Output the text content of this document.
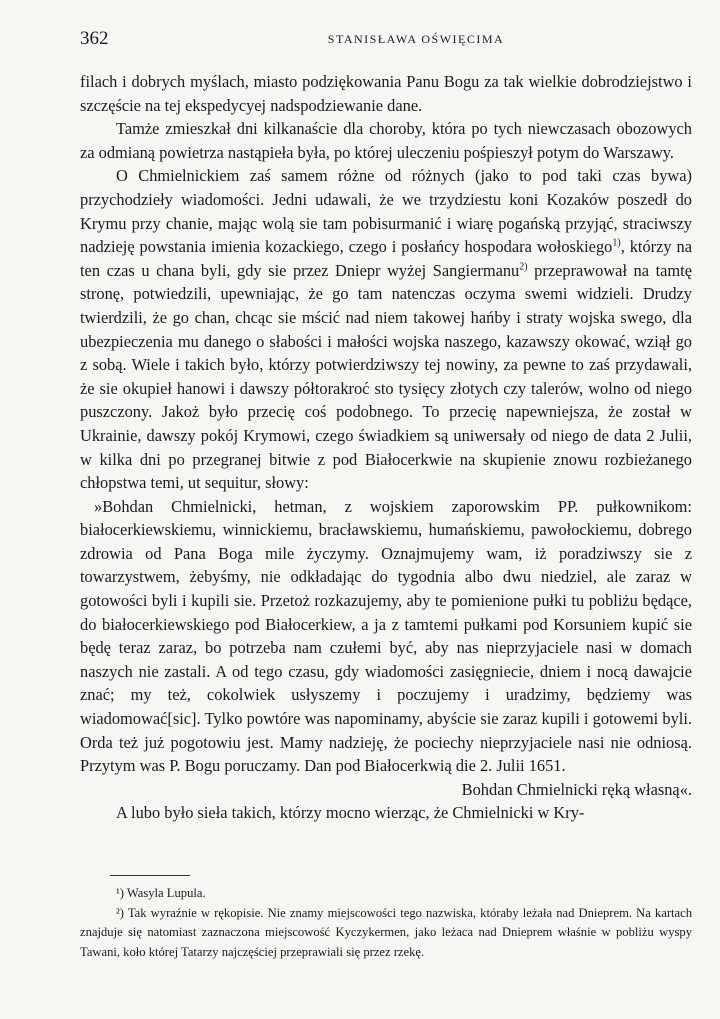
362	STANISŁAWA OŚWIĘCIMA

filach i dobrych myślach, miasto podziękowania Panu Bogu za tak wielkie dobrodziejstwo i szczęście na tej ekspedycyej nadspodziewanie dane.

Tamże zmieszkał dni kilkanaście dla choroby, która po tych niewczasach obozowych za odmianą powietrza nastąpieła była, po której uleczeniu pośpieszył potym do Warszawy.

O Chmielnickiem zaś samem różne od różnych (jako to pod taki czas bywa) przychodzieły wiadomości. Jedni udawali, że we trzydziestu koni Kozaków poszedł do Krymu przy chanie, mając wolą sie tam pobisurmanić i wiarę pogańską przyjąć, straciwszy nadzieję powstania imienia kozackiego, czego i posłańcy hospodara wołoskiego$^{1)}$, którzy na ten czas u chana byli, gdy sie przez Dniepr wyżej Sangiermanu$^{2)}$ przeprawował na tamtę stronę, potwiedzili, upewniając, że go tam natenczas oczyma swemi widzieli. Drudzy twierdzili, że go chan, chcąc sie mścić nad niem takowej hańby i straty wojska swego, dla ubezpieczenia mu danego o słabości i małości wojska naszego, kazawszy okować, wziął go z sobą. Wiele i takich było, którzy potwierdziwszy tej nowiny, za pewne to zaś przydawali, że sie okupieł hanowi i dawszy półtorakroć sto tysięcy złotych czy talerów, wolno od niego puszczony. Jakoż było przecię coś podobnego. To przecię napewniejsza, że został w Ukrainie, dawszy pokój Krymowi, czego świadkiem są uniwersały od niego de data 2 Julii, w kilka dni po przegranej bitwie z pod Białocerkwie na skupienie znowu rozbieżanego chłopstwa temi, ut sequitur, słowy:

»Bohdan Chmielnicki, hetman, z wojskiem zaporowskim PP. pułkownikom: białocerkiewskiemu, winnickiemu, bracławskiemu, humańskiemu, pawołockiemu, dobrego zdrowia od Pana Boga mile życzymy. Oznajmujemy wam, iż poradziwszy sie z towarzystwem, żebyśmy, nie odkładając do tygodnia albo dwu niedziel, ale zaraz w gotowości byli i kupili sie. Przetoż rozkazujemy, aby te pomienione pułki tu pobliżu będące, do białocerkiewskiego pod Białocerkiew, a ja z tamtemi pułkami pod Korsuniem kupić sie będę teraz zaraz, bo potrzeba nam czułemi być, aby nas nieprzyjaciele nasi w domach naszych nie zastali. A od tego czasu, gdy wiadomości zasięgniecie, dniem i nocą dawajcie znać; my też, cokolwiek usłyszemy i poczujemy i uradzimy, będziemy was wiadomować[sic]. Tylko powtóre was napominamy, abyście sie zaraz kupili i gotowemi byli. Orda też już pogotowiu jest. Mamy nadzieję, że pociechy nieprzyjaciele nasi nie odniosą. Przytym was P. Bogu poruczamy. Dan pod Białocerkwią die 2. Julii 1651.

Bohdan Chmielnicki ręką własną«.

A lubo było sieła takich, którzy mocno wierząc, że Chmielnicki w Kry-

¹) Wasyla Lupula.

²) Tak wyraźnie w rękopisie. Nie znamy miejscowości tego nazwiska, któraby leżała nad Dnieprem. Na kartach znajduje się natomiast zaznaczona miejscowość Kyczykermen, jako leżaca nad Dnieprem właśnie w pobliżu wyspy Tawani, koło której Tatarzy najczęściej przeprawiali się przez rzekę.
